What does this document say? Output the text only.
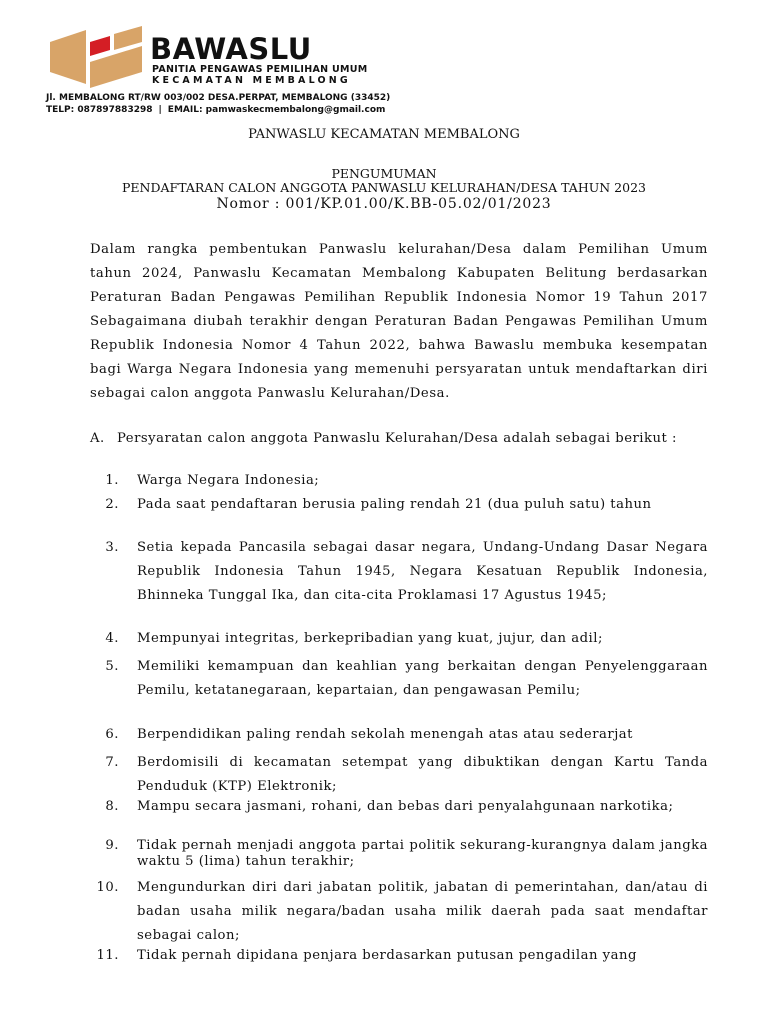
BAWASLU
PANITIA PENGAWAS PEMILIHAN UMUM
KECAMATAN MEMBALONG
Jl. MEMBALONG RT/RW 003/002 DESA.PERPAT, MEMBALONG (33452)
TELP: 087897883298 | EMAIL: pamwaskecmembalong@gmail.com
PANWASLU KECAMATAN MEMBALONG
PENGUMUMAN
PENDAFTARAN CALON ANGGOTA PANWASLU KELURAHAN/DESA TAHUN 2023
Nomor : 001/KP.01.00/K.BB-05.02/01/2023
Dalam rangka pembentukan Panwaslu kelurahan/Desa dalam Pemilihan Umum tahun 2024, Panwaslu Kecamatan Membalong Kabupaten Belitung berdasarkan Peraturan Badan Pengawas Pemilihan Republik Indonesia Nomor 19 Tahun 2017 Sebagaimana diubah terakhir dengan Peraturan Badan Pengawas Pemilihan Umum Republik Indonesia Nomor 4 Tahun 2022, bahwa Bawaslu membuka kesempatan bagi Warga Negara Indonesia yang memenuhi persyaratan untuk mendaftarkan diri sebagai calon anggota Panwaslu Kelurahan/Desa.
A. Persyaratan calon anggota Panwaslu Kelurahan/Desa adalah sebagai berikut :
1. Warga Negara Indonesia;
2. Pada saat pendaftaran berusia paling rendah 21 (dua puluh satu) tahun
3. Setia kepada Pancasila sebagai dasar negara, Undang-Undang Dasar Negara Republik Indonesia Tahun 1945, Negara Kesatuan Republik Indonesia, Bhinneka Tunggal Ika, dan cita-cita Proklamasi 17 Agustus 1945;
4. Mempunyai integritas, berkepribadian yang kuat, jujur, dan adil;
5. Memiliki kemampuan dan keahlian yang berkaitan dengan Penyelenggaraan Pemilu, ketatanegaraan, kepartaian, dan pengawasan Pemilu;
6. Berpendidikan paling rendah sekolah menengah atas atau sederarjat
7. Berdomisili di kecamatan setempat yang dibuktikan dengan Kartu Tanda Penduduk (KTP) Elektronik;
8. Mampu secara jasmani, rohani, dan bebas dari penyalahgunaan narkotika;
9. Tidak pernah menjadi anggota partai politik sekurang-kurangnya dalam jangka waktu 5 (lima) tahun terakhir;
10. Mengundurkan diri dari jabatan politik, jabatan di pemerintahan, dan/atau di badan usaha milik negara/badan usaha milik daerah pada saat mendaftar sebagai calon;
11. Tidak pernah dipidana penjara berdasarkan putusan pengadilan yang
